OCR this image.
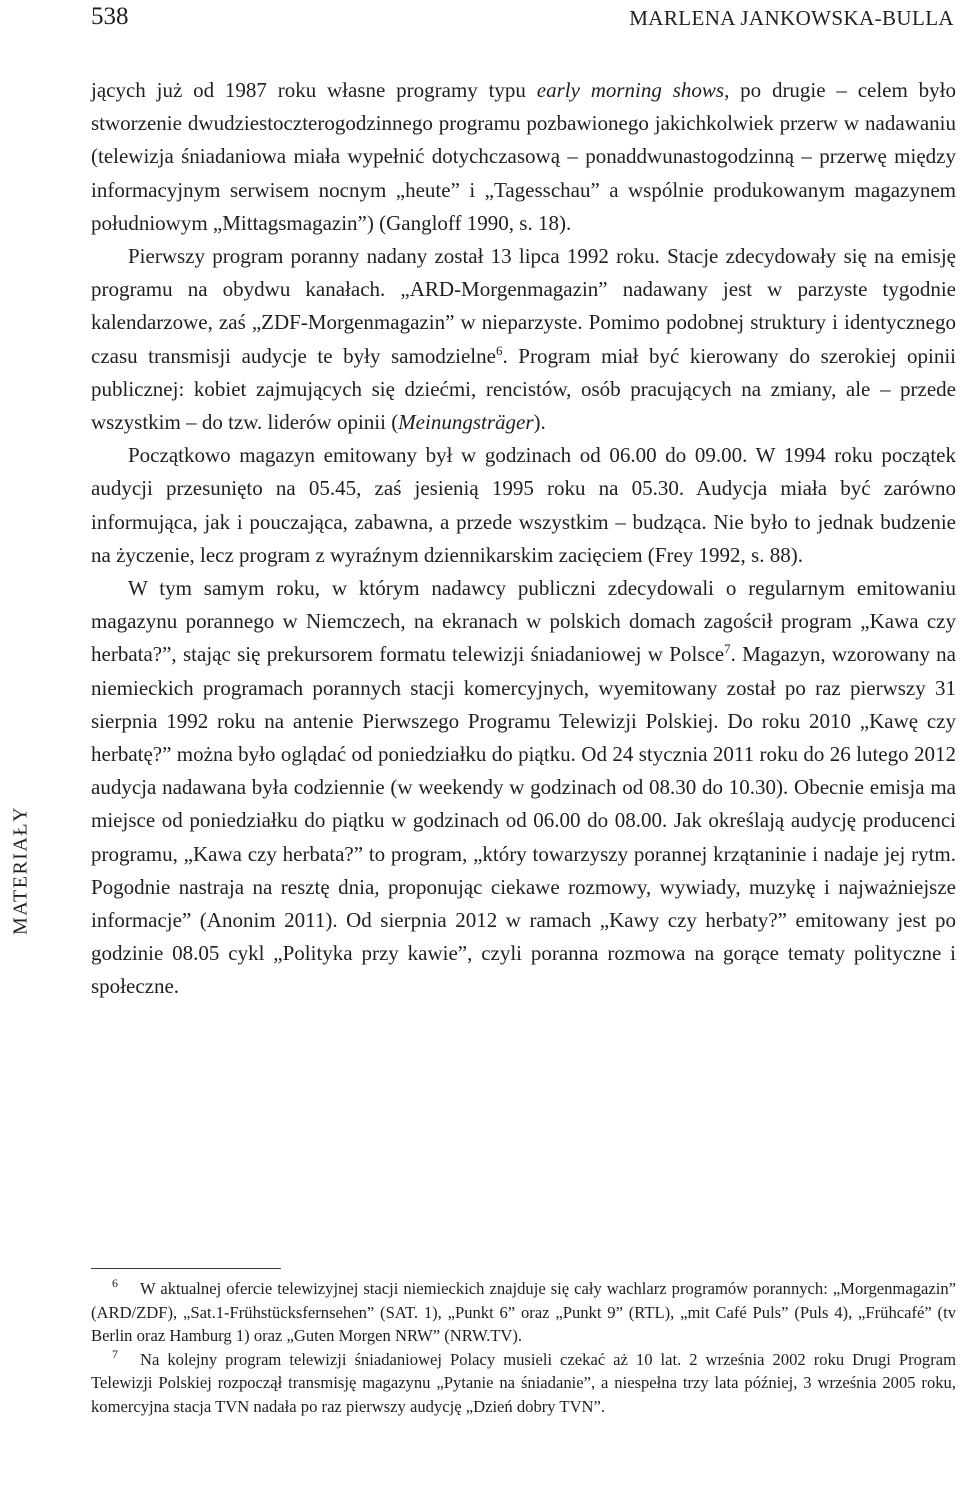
538	MARLENA JANKOWSKA-BULLA
MATERIAŁY

jących już od 1987 roku własne programy typu early morning shows, po drugie – celem było stworzenie dwudziestoczterogodzinnego programu pozbawionego jakichkolwiek przerw w nadawaniu (telewizja śniadaniowa miała wypełnić dotychczasową – ponaddwunastogodzinną – przerwę między informacyjnym serwisem nocnym „heute” i „Tagesschau” a wspólnie produkowanym magazynem południowym „Mittagsmagazin”) (Gangloff 1990, s. 18).

Pierwszy program poranny nadany został 13 lipca 1992 roku. Stacje zdecydowały się na emisję programu na obydwu kanałach. „ARD-Morgenmagazin” nadawany jest w parzyste tygodnie kalendarzowe, zaś „ZDF-Morgenmagazin” w nieparzyste. Pomimo podobnej struktury i identycznego czasu transmisji audycje te były samodzielne$^6$. Program miał być kierowany do szerokiej opinii publicznej: kobiet zajmujących się dziećmi, rencistów, osób pracujących na zmiany, ale – przede wszystkim – do tzw. liderów opinii (Meinungsträger).

Początkowo magazyn emitowany był w godzinach od 06.00 do 09.00. W 1994 roku początek audycji przesunięto na 05.45, zaś jesienią 1995 roku na 05.30. Audycja miała być zarówno informująca, jak i pouczająca, zabawna, a przede wszystkim – budząca. Nie było to jednak budzenie na życzenie, lecz program z wyraźnym dziennikarskim zacięciem (Frey 1992, s. 88).

W tym samym roku, w którym nadawcy publiczni zdecydowali o regularnym emitowaniu magazynu porannego w Niemczech, na ekranach w polskich domach zagościł program „Kawa czy herbata?”, stając się prekursorem formatu telewizji śniadaniowej w Polsce$^7$. Magazyn, wzorowany na niemieckich programach porannych stacji komercyjnych, wyemitowany został po raz pierwszy 31 sierpnia 1992 roku na antenie Pierwszego Programu Telewizji Polskiej. Do roku 2010 „Kawę czy herbatę?” można było oglądać od poniedziałku do piątku. Od 24 stycznia 2011 roku do 26 lutego 2012 audycja nadawana była codziennie (w weekendy w godzinach od 08.30 do 10.30). Obecnie emisja ma miejsce od poniedziałku do piątku w godzinach od 06.00 do 08.00. Jak określają audycję producenci programu, „Kawa czy herbata?” to program, „który towarzyszy porannej krzątaninie i nadaje jej rytm. Pogodnie nastraja na resztę dnia, proponując ciekawe rozmowy, wywiady, muzykę i najważniejsze informacje” (Anonim 2011). Od sierpnia 2012 w ramach „Kawy czy herbaty?” emitowany jest po godzinie 08.05 cykl „Polityka przy kawie”, czyli poranna rozmowa na gorące tematy polityczne i społeczne.

6 W aktualnej ofercie telewizyjnej stacji niemieckich znajduje się cały wachlarz programów porannych: „Morgenmagazin” (ARD/ZDF), „Sat.1-Frühstücksfernsehen” (SAT. 1), „Punkt 6” oraz „Punkt 9” (RTL), „mit Café Puls” (Puls 4), „Frühcafé” (tv Berlin oraz Hamburg 1) oraz „Guten Morgen NRW” (NRW.TV).

7 Na kolejny program telewizji śniadaniowej Polacy musieli czekać aż 10 lat. 2 września 2002 roku Drugi Program Telewizji Polskiej rozpoczął transmisję magazynu „Pytanie na śniadanie”, a niespełna trzy lata później, 3 września 2005 roku, komercyjna stacja TVN nadała po raz pierwszy audycję „Dzień dobry TVN”.
